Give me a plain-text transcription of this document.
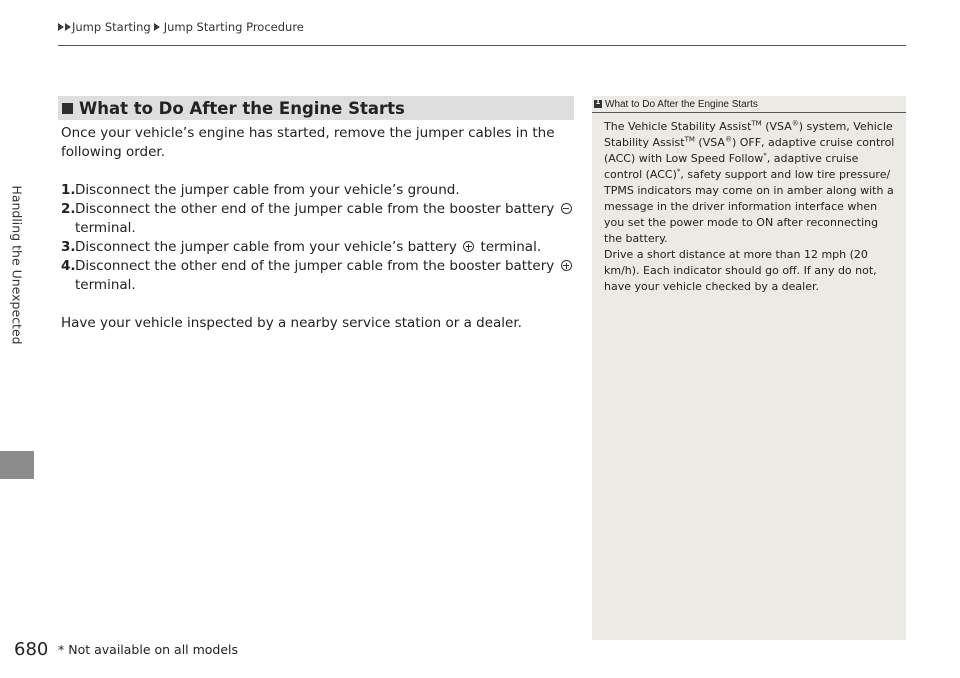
Jump Starting Jump Starting Procedure
Handling the Unexpected
What to Do After the Engine Starts

Once your vehicle’s engine has started, remove the jumper cables in the following order.

1. Disconnect the jumper cable from your vehicle’s ground.
2. Disconnect the other end of the jumper cable from the booster battery
terminal.
3. Disconnect the jumper cable from your vehicle’s battery terminal.
4. Disconnect the other end of the jumper cable from the booster battery
terminal.

Have your vehicle inspected by a nearby service station or a dealer.

1
What to Do After the Engine Starts

The Vehicle Stability Assist™ (VSA®) system, Vehicle Stability Assist™ (VSA®) OFF, adaptive cruise control (ACC) with Low Speed Follow*, adaptive cruise control (ACC)*, safety support and low tire pressure/ TPMS indicators may come on in amber along with a message in the driver information interface when you set the power mode to ON after reconnecting the battery.

Drive a short distance at more than 12 mph (20 km/h). Each indicator should go off. If any do not, have your vehicle checked by a dealer.

680 * Not available on all models
